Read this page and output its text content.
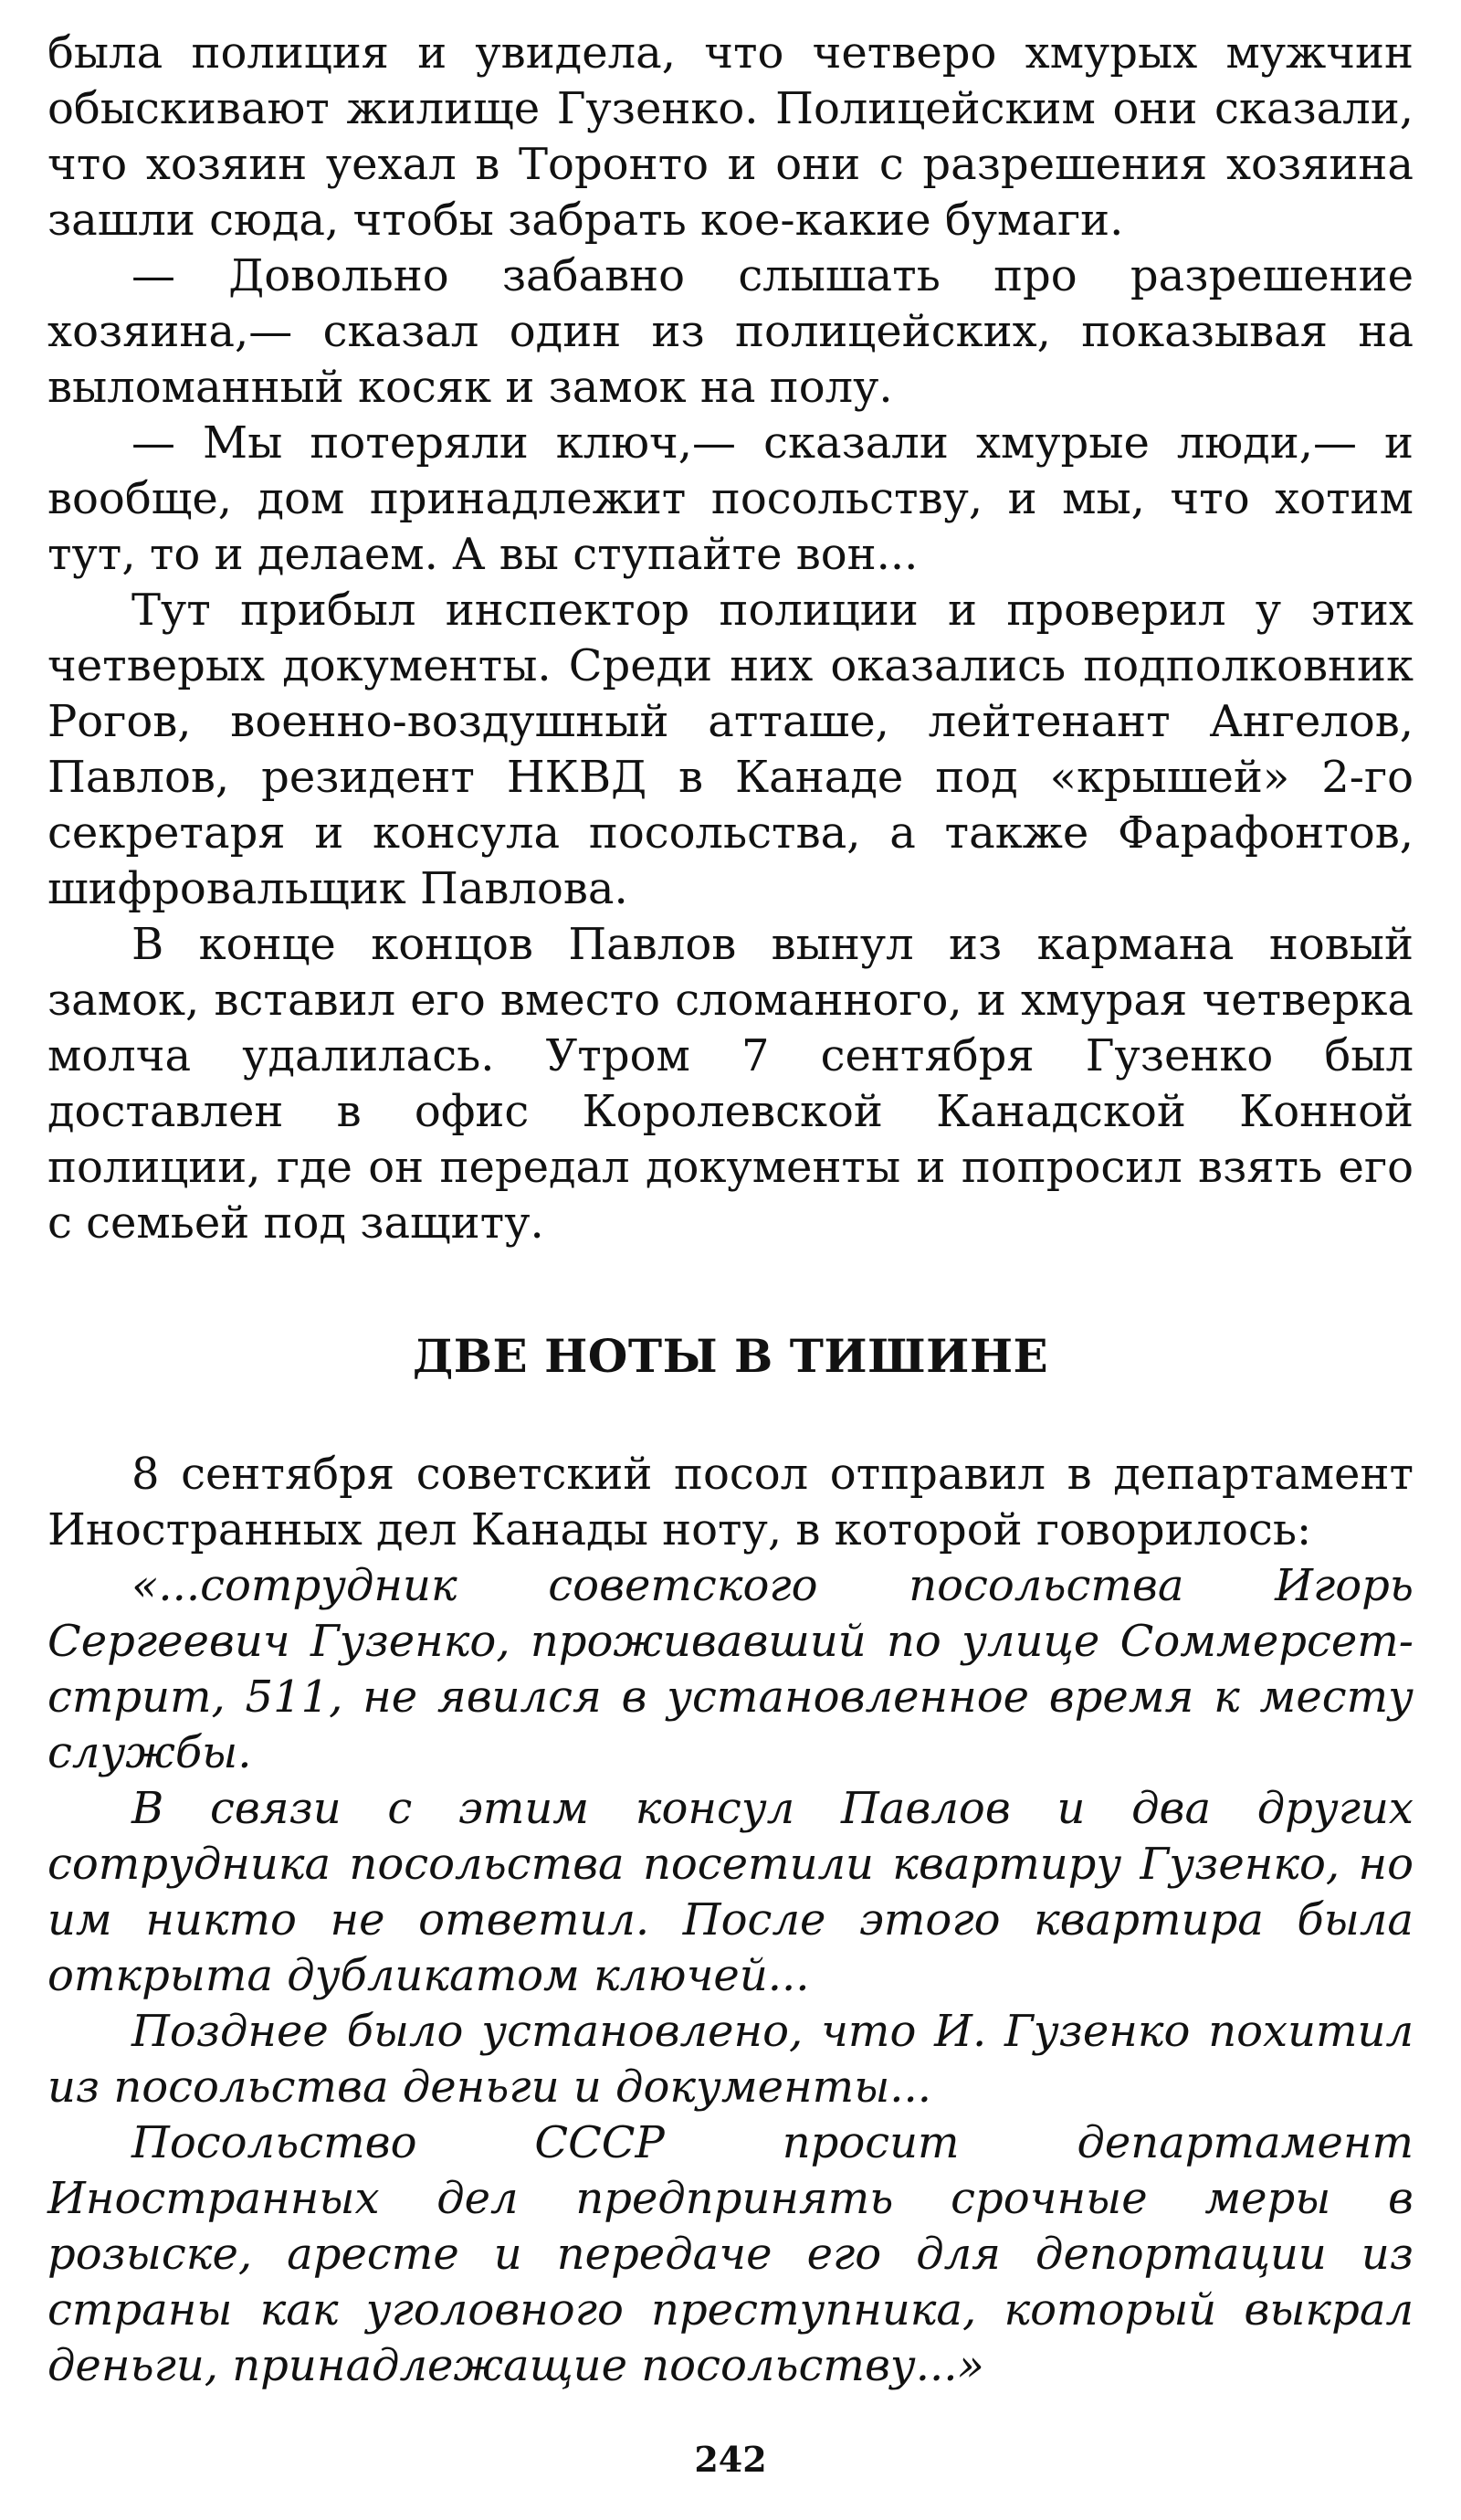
была полиция и увидела, что четверо хмурых мужчин обыскивают жилище Гузенко. Полицейским они сказали, что хозяин уехал в Торонто и они с разрешения хозяина зашли сюда, чтобы забрать кое-какие бумаги.

— Довольно забавно слышать про разрешение хозяина,— сказал один из полицейских, показывая на выломанный косяк и замок на полу.

— Мы потеряли ключ,— сказали хмурые люди,— и вообще, дом принадлежит посольству, и мы, что хотим тут, то и делаем. А вы ступайте вон...

Тут прибыл инспектор полиции и проверил у этих четверых документы. Среди них оказались подполковник Рогов, военно-воздушный атташе, лейтенант Ангелов, Павлов, резидент НКВД в Канаде под «крышей» 2-го секретаря и консула посольства, а также Фарафонтов, шифровальщик Павлова.

В конце концов Павлов вынул из кармана новый замок, вставил его вместо сломанного, и хмурая четверка молча удалилась. Утром 7 сентября Гузенко был доставлен в офис Королевской Канадской Конной полиции, где он передал документы и попросил взять его с семьей под защиту.

ДВЕ НОТЫ В ТИШИНЕ

8 сентября советский посол отправил в департамент Иностранных дел Канады ноту, в которой говорилось:

«...сотрудник советского посольства Игорь Сергеевич Гузенко, проживавший по улице Соммерсет-стрит, 511, не явился в установленное время к месту службы.

В связи с этим консул Павлов и два других сотрудника посольства посетили квартиру Гузенко, но им никто не ответил. После этого квартира была открыта дубликатом ключей...

Позднее было установлено, что И. Гузенко похитил из посольства деньги и документы...

Посольство СССР просит департамент Иностранных дел предпринять срочные меры в розыске, аресте и передаче его для депортации из страны как уголовного преступника, который выкрал деньги, принадлежащие посольству...»

242
